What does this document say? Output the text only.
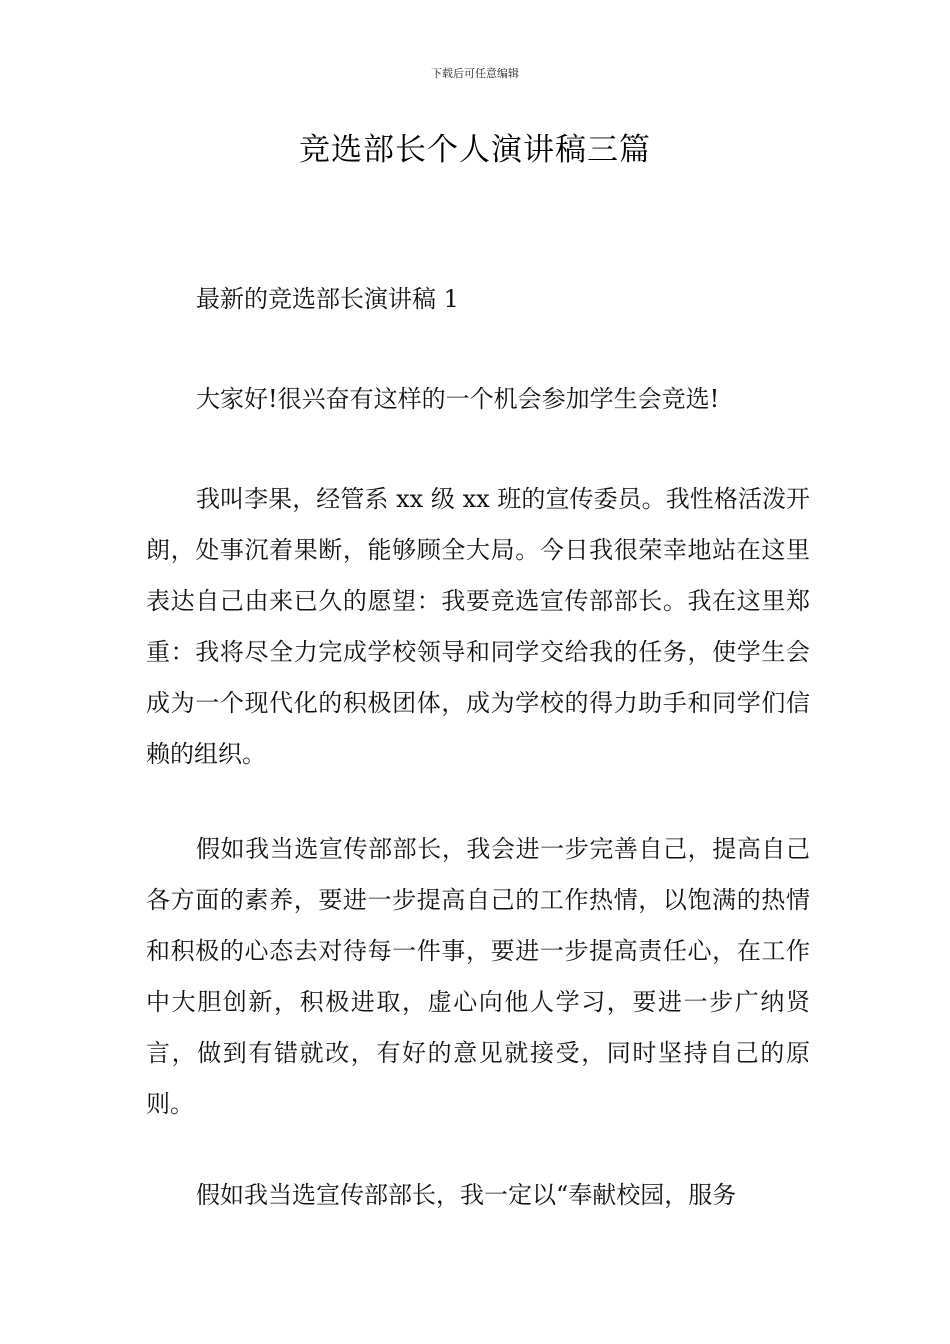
下载后可任意编辑
竞选部长个人演讲稿三篇

最新的竞选部长演讲稿 1

大家好!很兴奋有这样的一个机会参加学生会竞选!

我叫李果，经管系 xx 级 xx 班的宣传委员。我性格活泼开朗，处事沉着果断，能够顾全大局。今日我很荣幸地站在这里表达自己由来已久的愿望：我要竞选宣传部部长。我在这里郑重：我将尽全力完成学校领导和同学交给我的任务，使学生会成为一个现代化的积极团体，成为学校的得力助手和同学们信赖的组织。

假如我当选宣传部部长，我会进一步完善自己，提高自己各方面的素养，要进一步提高自己的工作热情，以饱满的热情和积极的心态去对待每一件事，要进一步提高责任心，在工作中大胆创新，积极进取，虚心向他人学习，要进一步广纳贤言，做到有错就改，有好的意见就接受，同时坚持自己的原则。

假如我当选宣传部部长，我一定以“奉献校园，服务
